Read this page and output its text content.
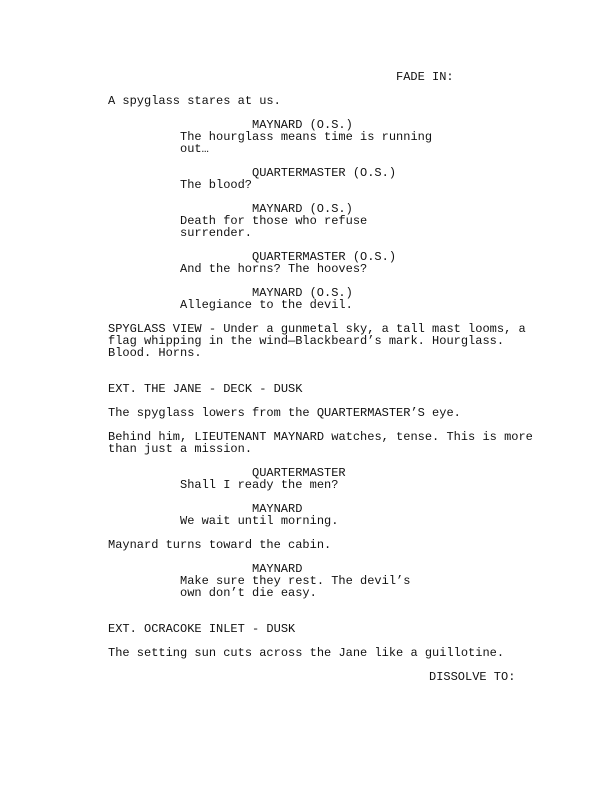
FADE IN:
A spyglass stares at us.
MAYNARD (O.S.)
The hourglass means time is running
out…
QUARTERMASTER (O.S.)
The blood?
MAYNARD (O.S.)
Death for those who refuse
surrender.
QUARTERMASTER (O.S.)
And the horns? The hooves?
MAYNARD (O.S.)
Allegiance to the devil.
SPYGLASS VIEW - Under a gunmetal sky, a tall mast looms, a
flag whipping in the wind—Blackbeard’s mark. Hourglass.
Blood. Horns.
EXT. THE JANE - DECK - DUSK
The spyglass lowers from the QUARTERMASTER’S eye.
Behind him, LIEUTENANT MAYNARD watches, tense. This is more
than just a mission.
QUARTERMASTER
Shall I ready the men?
MAYNARD
We wait until morning.
Maynard turns toward the cabin.
MAYNARD
Make sure they rest. The devil’s
own don’t die easy.
EXT. OCRACOKE INLET - DUSK
The setting sun cuts across the Jane like a guillotine.
DISSOLVE TO:
